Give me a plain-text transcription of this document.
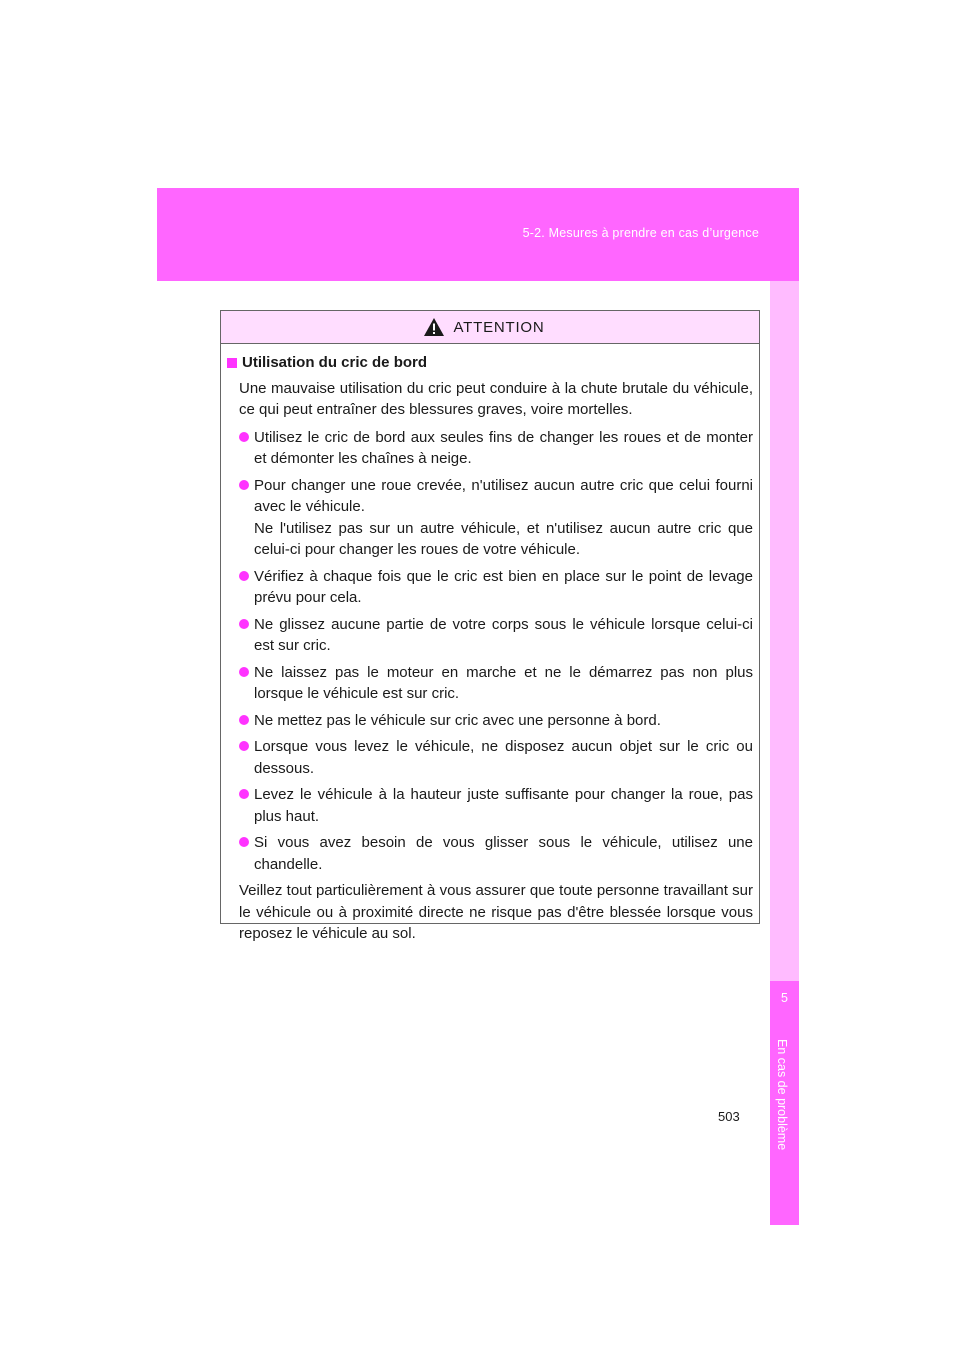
5-2. Mesures à prendre en cas d’urgence
5
En cas de problème
ATTENTION
Utilisation du cric de bord
Une mauvaise utilisation du cric peut conduire à la chute brutale du véhicule, ce qui peut entraîner des blessures graves, voire mortelles.
Utilisez le cric de bord aux seules fins de changer les roues et de monter et démonter les chaînes à neige.
Pour changer une roue crevée, n'utilisez aucun autre cric que celui fourni avec le véhicule.
Ne l'utilisez pas sur un autre véhicule, et n'utilisez aucun autre cric que celui-ci pour changer les roues de votre véhicule.
Vérifiez à chaque fois que le cric est bien en place sur le point de levage prévu pour cela.
Ne glissez aucune partie de votre corps sous le véhicule lorsque celui-ci est sur cric.
Ne laissez pas le moteur en marche et ne le démarrez pas non plus lorsque le véhicule est sur cric.
Ne mettez pas le véhicule sur cric avec une personne à bord.
Lorsque vous levez le véhicule, ne disposez aucun objet sur le cric ou dessous.
Levez le véhicule à la hauteur juste suffisante pour changer la roue, pas plus haut.
Si vous avez besoin de vous glisser sous le véhicule, utilisez une chandelle.
Veillez tout particulièrement à vous assurer que toute personne travaillant sur le véhicule ou à proximité directe ne risque pas d'être blessée lorsque vous reposez le véhicule au sol.
503
